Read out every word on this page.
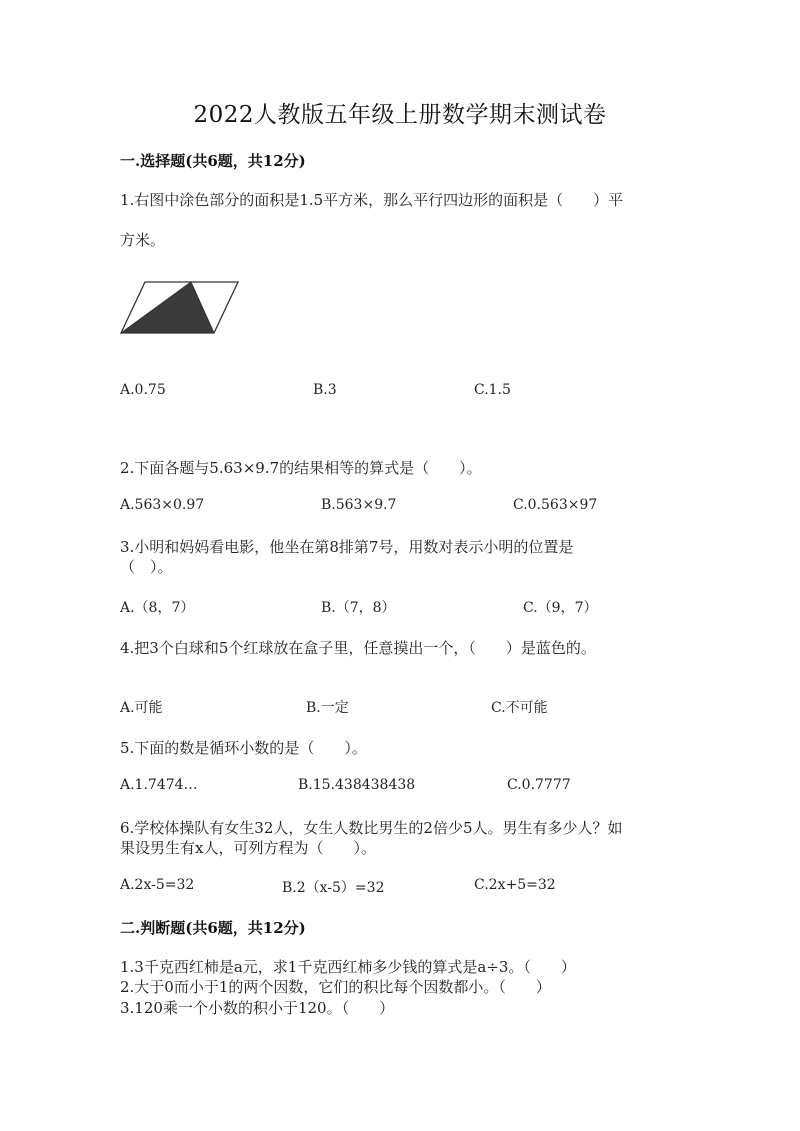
2022人教版五年级上册数学期末测试卷
一.选择题(共6题，共12分)
1.右图中涂色部分的面积是1.5平方米，那么平行四边形的面积是（　　）平
方米。
A.0.75	B.3	C.1.5
2.下面各题与5.63×9.7的结果相等的算式是（　　）。
A.563×0.97	B.563×9.7	C.0.563×97
3.小明和妈妈看电影，他坐在第8排第7号，用数对表示小明的位置是
（　）。
A.（8，7）	B.（7，8）	C.（9，7）
4.把3个白球和5个红球放在盒子里，任意摸出一个，（　　）是蓝色的。
A.可能	B.一定	C.不可能
5.下面的数是循环小数的是（　　）。
A.1.7474…	B.15.438438438	C.0.7777
6.学校体操队有女生32人，女生人数比男生的2倍少5人。男生有多少人？如
果设男生有x人，可列方程为（　　）。
A.2x-5=32	B.2（x-5）=32	C.2x+5=32
二.判断题(共6题，共12分)
1.3千克西红柿是a元，求1千克西红柿多少钱的算式是a÷3。（　　）
2.大于0而小于1的两个因数，它们的积比每个因数都小。（　　）
3.120乘一个小数的积小于120。（　　）
